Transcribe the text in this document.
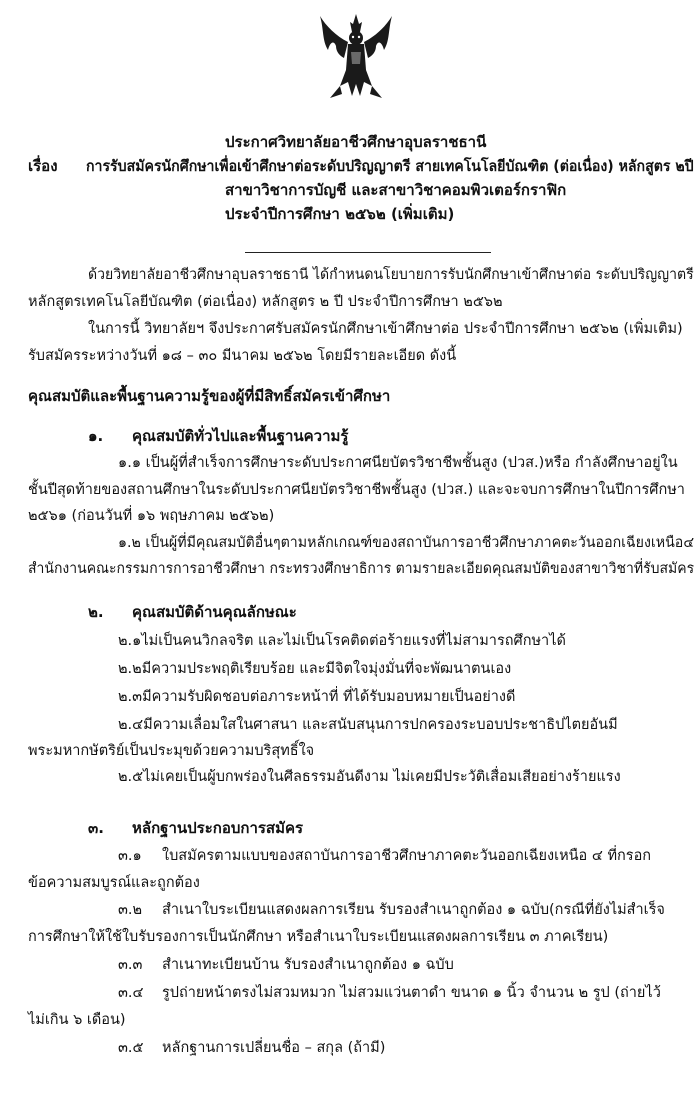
ประกาศวิทยาลัยอาชีวศึกษาอุบลราชธานี
เรื่อง การรับสมัครนักศึกษาเพื่อเข้าศึกษาต่อระดับปริญญาตรี สายเทคโนโลยีบัณฑิต (ต่อเนื่อง) หลักสูตร ๒ปี
สาขาวิชาการบัญชี และสาขาวิชาคอมพิวเตอร์กราฟิก
ประจำปีการศึกษา ๒๕๖๒ (เพิ่มเติม)
ด้วยวิทยาลัยอาชีวศึกษาอุบลราชธานี ได้กำหนดนโยบายการรับนักศึกษาเข้าศึกษาต่อ ระดับปริญญาตรี
หลักสูตรเทคโนโลยีบัณฑิต (ต่อเนื่อง) หลักสูตร ๒ ปี ประจำปีการศึกษา ๒๕๖๒
ในการนี้ วิทยาลัยฯ จึงประกาศรับสมัครนักศึกษาเข้าศึกษาต่อ ประจำปีการศึกษา ๒๕๖๒ (เพิ่มเติม)
รับสมัครระหว่างวันที่ ๑๘ – ๓๐ มีนาคม ๒๕๖๒ โดยมีรายละเอียด ดังนี้
คุณสมบัติและพื้นฐานความรู้ของผู้ที่มีสิทธิ์สมัครเข้าศึกษา
๑. คุณสมบัติทั่วไปและพื้นฐานความรู้
๑.๑ เป็นผู้ที่สำเร็จการศึกษาระดับประกาศนียบัตรวิชาชีพชั้นสูง (ปวส.)หรือ กำลังศึกษาอยู่ใน
ชั้นปีสุดท้ายของสถานศึกษาในระดับประกาศนียบัตรวิชาชีพชั้นสูง (ปวส.) และจะจบการศึกษาในปีการศึกษา
๒๕๖๑ (ก่อนวันที่ ๑๖ พฤษภาคม ๒๕๖๒)
๑.๒ เป็นผู้ที่มีคุณสมบัติอื่นๆตามหลักเกณฑ์ของสถาบันการอาชีวศึกษาภาคตะวันออกเฉียงเหนือ๔
สำนักงานคณะกรรมการการอาชีวศึกษา กระทรวงศึกษาธิการ ตามรายละเอียดคุณสมบัติของสาขาวิชาที่รับสมัคร
๒. คุณสมบัติด้านคุณลักษณะ
๒.๑ไม่เป็นคนวิกลจริต และไม่เป็นโรคติดต่อร้ายแรงที่ไม่สามารถศึกษาได้
๒.๒มีความประพฤติเรียบร้อย และมีจิตใจมุ่งมั่นที่จะพัฒนาตนเอง
๒.๓มีความรับผิดชอบต่อภาระหน้าที่ ที่ได้รับมอบหมายเป็นอย่างดี
๒.๔มีความเลื่อมใสในศาสนา และสนับสนุนการปกครองระบอบประชาธิปไตยอันมี
พระมหากษัตริย์เป็นประมุขด้วยความบริสุทธิ์ใจ
๒.๕ไม่เคยเป็นผู้บกพร่องในศีลธรรมอันดีงาม ไม่เคยมีประวัติเสื่อมเสียอย่างร้ายแรง
๓. หลักฐานประกอบการสมัคร
๓.๑ ใบสมัครตามแบบของสถาบันการอาชีวศึกษาภาคตะวันออกเฉียงเหนือ ๔ ที่กรอก
ข้อความสมบูรณ์และถูกต้อง
๓.๒ สำเนาใบระเบียนแสดงผลการเรียน รับรองสำเนาถูกต้อง ๑ ฉบับ(กรณีที่ยังไม่สำเร็จ
การศึกษาให้ใช้ใบรับรองการเป็นนักศึกษา หรือสำเนาใบระเบียนแสดงผลการเรียน ๓ ภาคเรียน)
๓.๓ สำเนาทะเบียนบ้าน รับรองสำเนาถูกต้อง ๑ ฉบับ
๓.๔ รูปถ่ายหน้าตรงไม่สวมหมวก ไม่สวมแว่นตาดำ ขนาด ๑ นิ้ว จำนวน ๒ รูป (ถ่ายไว้
ไม่เกิน ๖ เดือน)
๓.๕ หลักฐานการเปลี่ยนชื่อ – สกุล (ถ้ามี)
